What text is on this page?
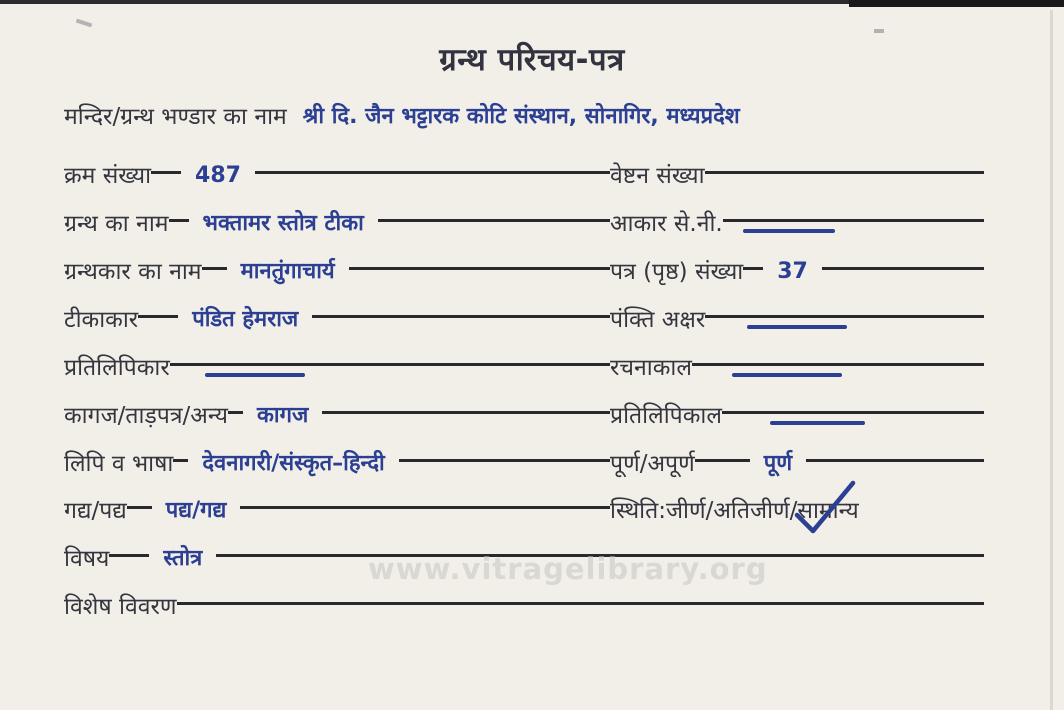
ग्रन्थ परिचय-पत्र
मन्दिर/ग्रन्थ भण्डार का नाम श्री दि. जैन भट्टारक कोटि संस्थान, सोनागिर, मध्यप्रदेश
क्रम संख्या	487	वेष्टन संख्या
ग्रन्थ का नाम	भक्तामर स्तोत्र टीका	आकार से.नी.
ग्रन्थकार का नाम	मानतुंगाचार्य	पत्र (पृष्ठ) संख्या	37
टीकाकार	पंडित हेमराज	पंक्ति अक्षर
प्रतिलिपिकार	रचनाकाल
कागज/ताड़पत्र/अन्य	कागज	प्रतिलिपिकाल
लिपि व भाषा	देवनागरी/संस्कृत–हिन्दी	पूर्ण/अपूर्ण	पूर्ण
गद्य/पद्य	पद्य/गद्य	स्थिति:जीर्ण/अतिजीर्ण/ सामान्य
विषय	स्तोत्र
विशेष विवरण
www.vitragelibrary.org
